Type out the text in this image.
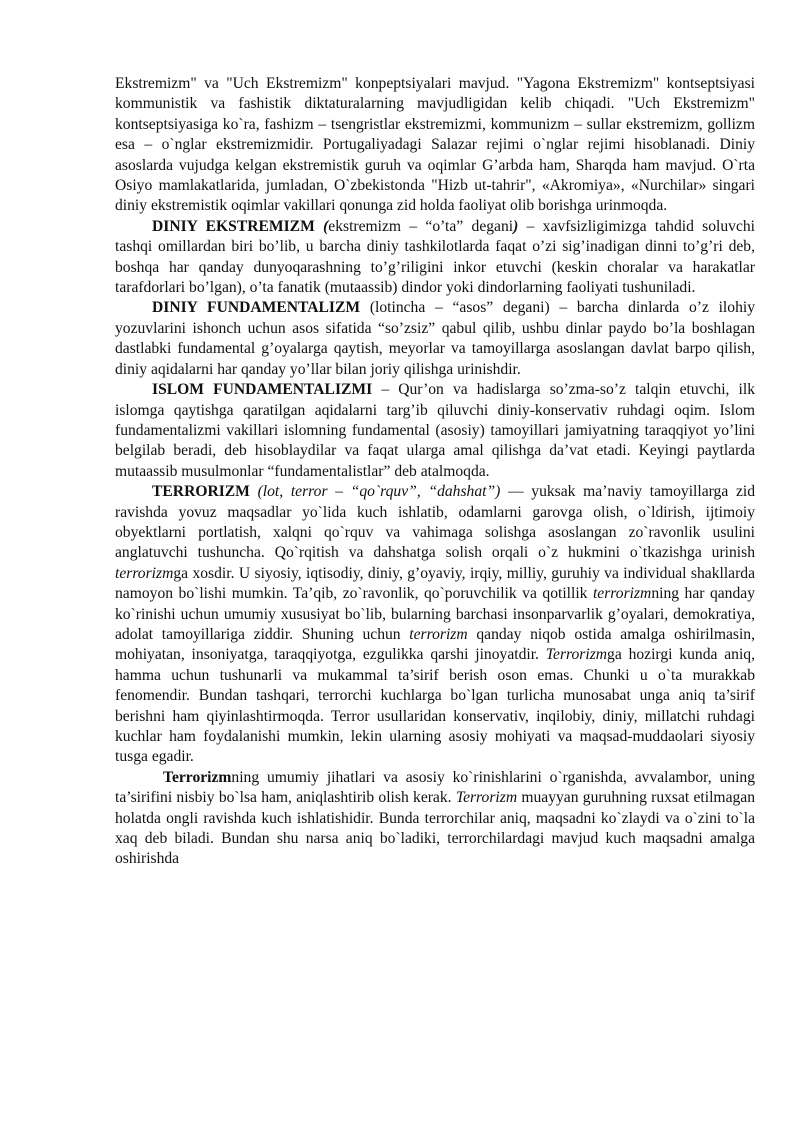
Ekstremizm" va "Uch Ekstremizm" konpeptsiyalari mavjud. "Yagona Ekstremizm" kontseptsiyasi kommunistik va fashistik diktaturalarning mavjudligidan kelib chiqadi. "Uch Ekstremizm" kontseptsiyasiga ko`ra, fashizm – tsengristlar ekstremizmi, kommunizm – sullar ekstremizm, gollizm esa – o`nglar ekstremizmidir. Portugaliyadagi Salazar rejimi o`nglar rejimi hisoblanadi. Diniy asoslarda vujudga kelgan ekstremistik guruh va oqimlar G’arbda ham, Sharqda ham mavjud. O`rta Osiyo mamlakatlarida, jumladan, O`zbekistonda "Hizb ut-tahrir", «Akromiya», «Nurchilar» singari diniy ekstremistik oqimlar vakillari qonunga zid holda faoliyat olib borishga urinmoqda.

DINIY EKSTREMIZM (ekstremizm – “o’ta” degani) – xavfsizligimizga tahdid soluvchi tashqi omillardan biri bo’lib, u barcha diniy tashkilotlarda faqat o’zi sig’inadigan dinni to’g’ri deb, boshqa har qanday dunyoqarashning to’g’riligini inkor etuvchi (keskin choralar va harakatlar tarafdorlari bo’lgan), o’ta fanatik (mutaassib) dindor yoki dindorlarning faoliyati tushuniladi.

DINIY FUNDAMENTALIZM (lotincha – “asos” degani) – barcha dinlarda o’z ilohiy yozuvlarini ishonch uchun asos sifatida “so’zsiz” qabul qilib, ushbu dinlar paydo bo’la boshlagan dastlabki fundamental g’oyalarga qaytish, meyorlar va tamoyillarga asoslangan davlat barpo qilish, diniy aqidalarni har qanday yo’llar bilan joriy qilishga urinishdir.

ISLOM FUNDAMENTALIZMI – Qur’on va hadislarga so’zma-so’z talqin etuvchi, ilk islomga qaytishga qaratilgan aqidalarni targ’ib qiluvchi diniy-konservativ ruhdagi oqim. Islom fundamentalizmi vakillari islomning fundamental (asosiy) tamoyillari jamiyatning taraqqiyot yo’lini belgilab beradi, deb hisoblaydilar va faqat ularga amal qilishga da’vat etadi. Keyingi paytlarda mutaassib musulmonlar “fundamentalistlar” deb atalmoqda.

TERRORIZM (lot, terror – “qo`rquv”, “dahshat”) — yuksak ma’naviy tamoyillarga zid ravishda yovuz maqsadlar yo`lida kuch ishlatib, odamlarni garovga olish, o`ldirish, ijtimoiy obyektlarni portlatish, xalqni qo`rquv va vahimaga solishga asoslangan zo`ravonlik usulini anglatuvchi tushuncha. Qo`rqitish va dahshatga solish orqali o`z hukmini o`tkazishga urinish terrorizmga xosdir. U siyosiy, iqtisodiy, diniy, g’oyaviy, irqiy, milliy, guruhiy va individual shakllarda namoyon bo`lishi mumkin. Ta’qib, zo`ravonlik, qo`poruvchilik va qotillik terrorizmning har qanday ko`rinishi uchun umumiy xususiyat bo`lib, bularning barchasi insonparvarlik g’oyalari, demokratiya, adolat tamoyillariga ziddir. Shuning uchun terrorizm qanday niqob ostida amalga oshirilmasin, mohiyatan, insoniyatga, taraqqiyotga, ezgulikka qarshi jinoyatdir. Terrorizmga hozirgi kunda aniq, hamma uchun tushunarli va mukammal ta’sirif berish oson emas. Chunki u o`ta murakkab fenomendir. Bundan tashqari, terrorchi kuchlarga bo`lgan turlicha munosabat unga aniq ta’sirif berishni ham qiyinlashtirmoqda. Terror usullaridan konservativ, inqilobiy, diniy, millatchi ruhdagi kuchlar ham foydalanishi mumkin, lekin ularning asosiy mohiyati va maqsad-muddaolari siyosiy tusga egadir.

Terrorizmning umumiy jihatlari va asosiy ko`rinishlarini o`rganishda, avvalambor, uning ta’sirifini nisbiy bo`lsa ham, aniqlashtirib olish kerak. Terrorizm muayyan guruhning ruxsat etilmagan holatda ongli ravishda kuch ishlatishidir. Bunda terrorchilar aniq, maqsadni ko`zlaydi va o`zini to`la xaq deb biladi. Bundan shu narsa aniq bo`ladiki, terrorchilardagi mavjud kuch maqsadni amalga oshirishda
